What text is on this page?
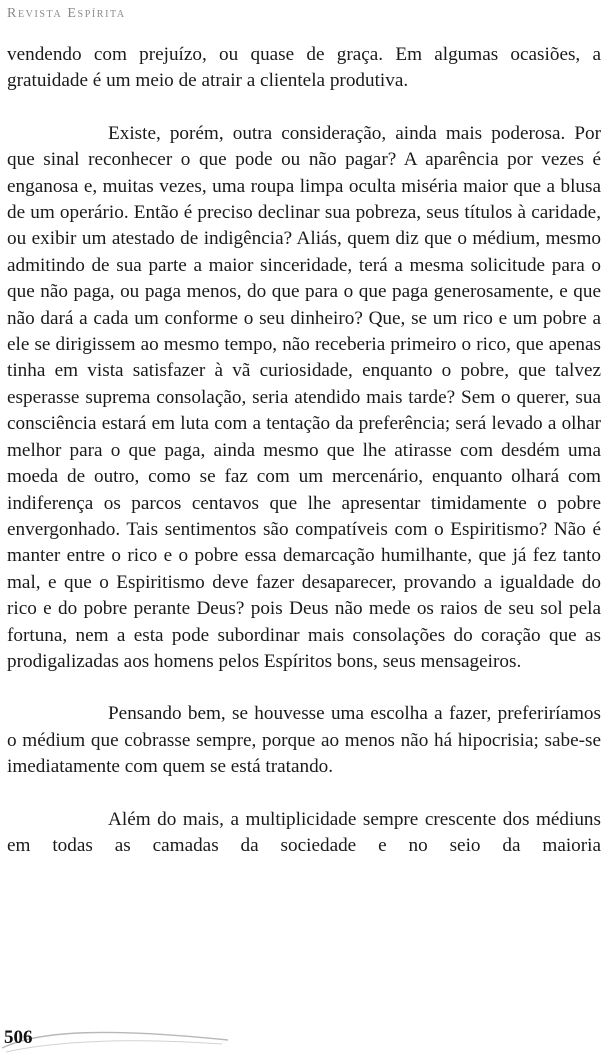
Revista Espírita

vendendo com prejuízo, ou quase de graça. Em algumas ocasiões, a gratuidade é um meio de atrair a clientela produtiva.

Existe, porém, outra consideração, ainda mais poderosa. Por que sinal reconhecer o que pode ou não pagar? A aparência por vezes é enganosa e, muitas vezes, uma roupa limpa oculta miséria maior que a blusa de um operário. Então é preciso declinar sua pobreza, seus títulos à caridade, ou exibir um atestado de indigência? Aliás, quem diz que o médium, mesmo admitindo de sua parte a maior sinceridade, terá a mesma solicitude para o que não paga, ou paga menos, do que para o que paga generosamente, e que não dará a cada um conforme o seu dinheiro? Que, se um rico e um pobre a ele se dirigissem ao mesmo tempo, não receberia primeiro o rico, que apenas tinha em vista satisfazer à vã curiosidade, enquanto o pobre, que talvez esperasse suprema consolação, seria atendido mais tarde? Sem o querer, sua consciência estará em luta com a tentação da preferência; será levado a olhar melhor para o que paga, ainda mesmo que lhe atirasse com desdém uma moeda de outro, como se faz com um mercenário, enquanto olhará com indiferença os parcos centavos que lhe apresentar timidamente o pobre envergonhado. Tais sentimentos são compatíveis com o Espiritismo? Não é manter entre o rico e o pobre essa demarcação humilhante, que já fez tanto mal, e que o Espiritismo deve fazer desaparecer, provando a igualdade do rico e do pobre perante Deus? pois Deus não mede os raios de seu sol pela fortuna, nem a esta pode subordinar mais consolações do coração que as prodigalizadas aos homens pelos Espíritos bons, seus mensageiros.

Pensando bem, se houvesse uma escolha a fazer, preferiríamos o médium que cobrasse sempre, porque ao menos não há hipocrisia; sabe-se imediatamente com quem se está tratando.

Além do mais, a multiplicidade sempre crescente dos médiuns em todas as camadas da sociedade e no seio da maioria

506
